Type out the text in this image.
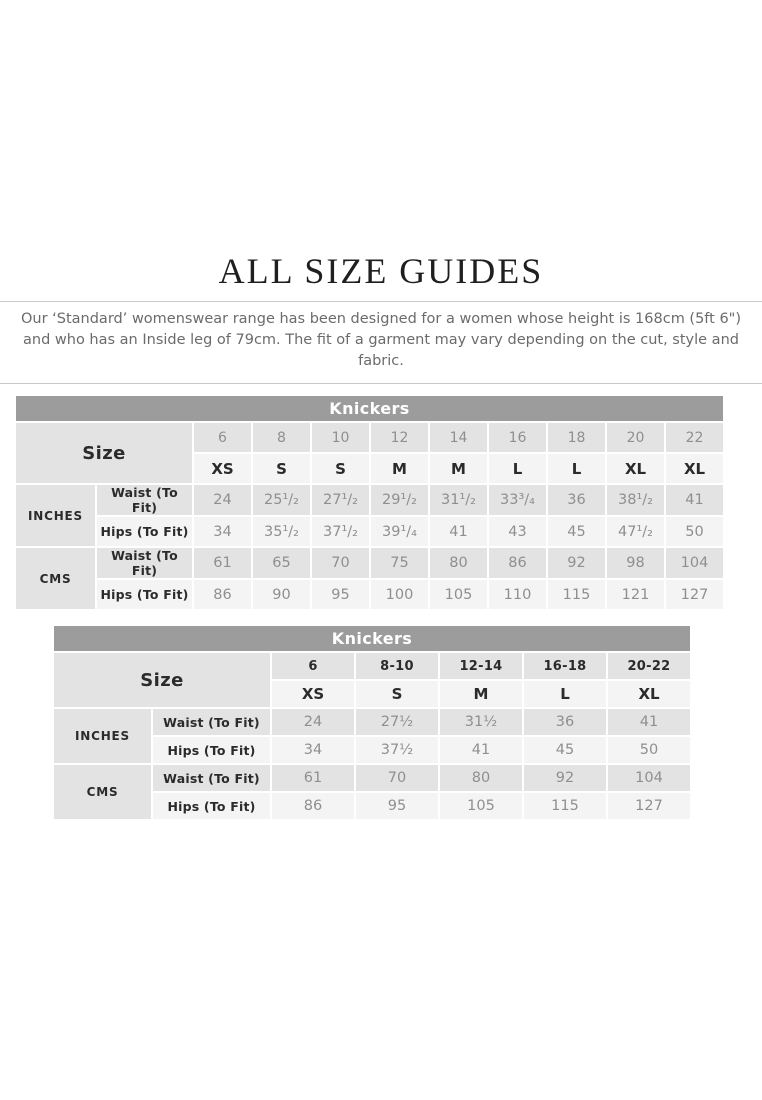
ALL SIZE GUIDES

Our ‘Standard’ womenswear range has been designed for a women whose height is 168cm (5ft 6") and who has an Inside leg of 79cm. The fit of a garment may vary depending on the cut, style and fabric.

Knickers										
Size		6	8	10	12	14	16	18	20	22
		XS	S	S	M	M	L	L	XL	XL
INCHES	Waist (To Fit)	24	25¹/₂	27¹/₂	29¹/₂	31¹/₂	33³/₄	36	38¹/₂	41
	Hips (To Fit)	34	35¹/₂	37¹/₂	39¹/₄	41	43	45	47¹/₂	50
CMS	Waist (To Fit)	61	65	70	75	80	86	92	98	104
	Hips (To Fit)	86	90	95	100	105	110	115	121	127
Knickers						
Size		6	8-10	12-14	16-18	20-22
		XS	S	M	L	XL
INCHES	Waist (To Fit)	24	27½	31½	36	41
	Hips (To Fit)	34	37½	41	45	50
CMS	Waist (To Fit)	61	70	80	92	104
	Hips (To Fit)	86	95	105	115	127
